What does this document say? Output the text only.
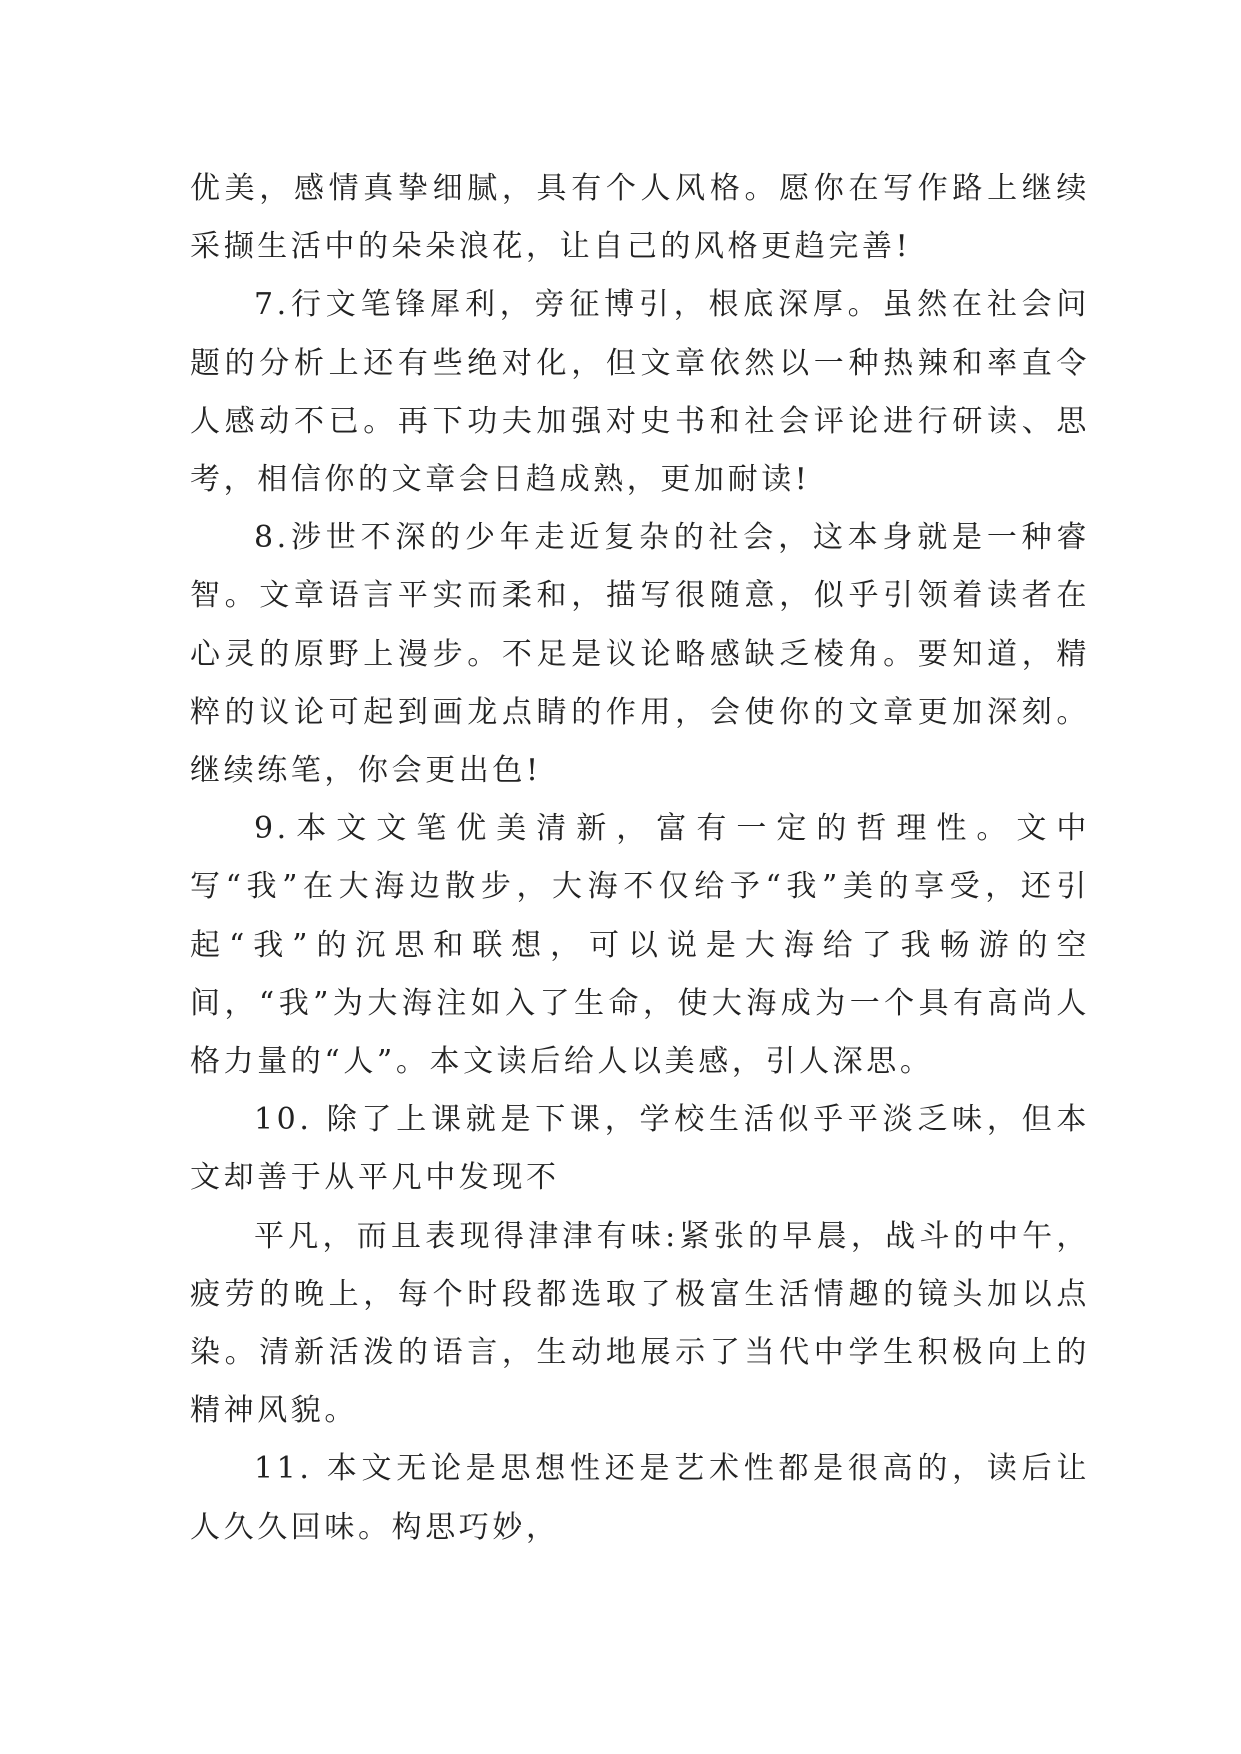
优美，感情真挚细腻，具有个人风格。愿你在写作路上继续采撷生活中的朵朵浪花，让自己的风格更趋完善!

7.行文笔锋犀利，旁征博引，根底深厚。虽然在社会问题的分析上还有些绝对化，但文章依然以一种热辣和率直令人感动不已。再下功夫加强对史书和社会评论进行研读、思考，相信你的文章会日趋成熟，更加耐读!

8.涉世不深的少年走近复杂的社会，这本身就是一种睿智。文章语言平实而柔和，描写很随意，似乎引领着读者在心灵的原野上漫步。不足是议论略感缺乏棱角。要知道，精粹的议论可起到画龙点睛的作用，会使你的文章更加深刻。继续练笔，你会更出色!

9.本文文笔优美清新，富有一定的哲理性。文中写“我”在大海边散步，大海不仅给予“我”美的享受，还引起“我”的沉思和联想，可以说是大海给了我畅游的空间，“我”为大海注如入了生命，使大海成为一个具有高尚人格力量的“人”。本文读后给人以美感，引人深思。

10. 除了上课就是下课，学校生活似乎平淡乏味，但本文却善于从平凡中发现不

平凡，而且表现得津津有味:紧张的早晨，战斗的中午，疲劳的晚上，每个时段都选取了极富生活情趣的镜头加以点染。清新活泼的语言，生动地展示了当代中学生积极向上的精神风貌。

11. 本文无论是思想性还是艺术性都是很高的，读后让人久久回味。构思巧妙，
